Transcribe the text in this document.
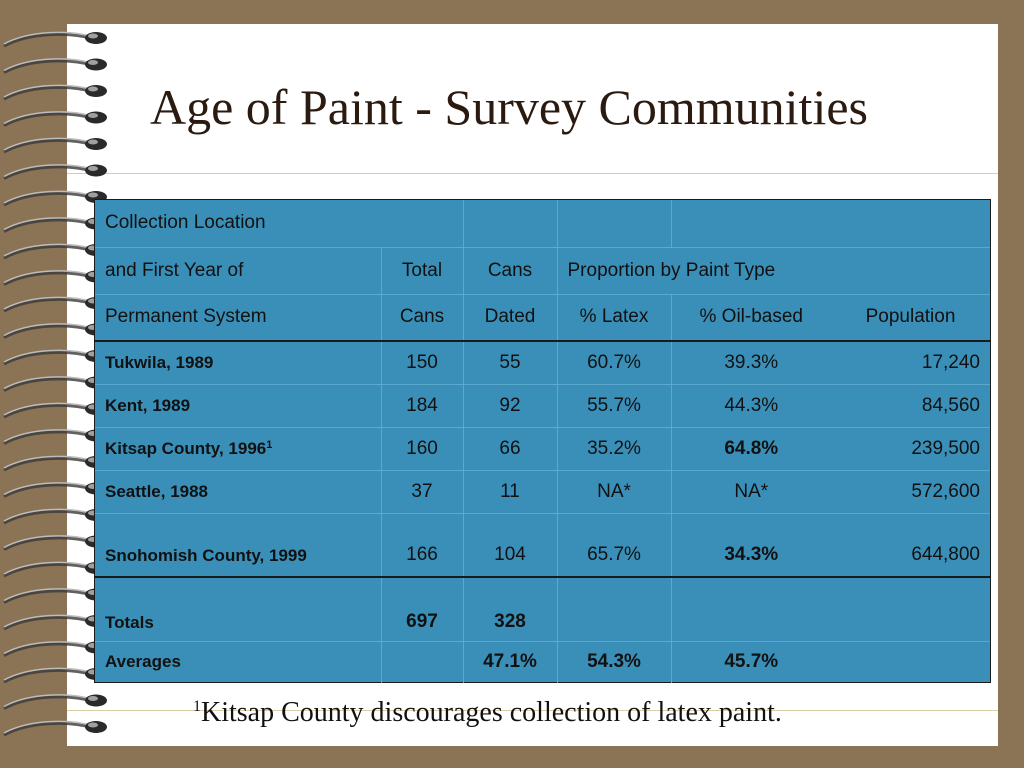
Age of Paint - Survey Communities
Collection Location					
and First Year of	Total	Cans	Proportion by Paint Type		
Permanent System	Cans	Dated	% Latex	% Oil-based	Population
Tukwila, 1989	150	55	60.7%	39.3%	17,240
Kent, 1989	184	92	55.7%	44.3%	84,560
Kitsap County, 1996$^1$	160	66	35.2%	64.8%	239,500
Seattle, 1988	37	11	NA*	NA*	572,600
Snohomish County, 1999	166	104	65.7%	34.3%	644,800
Totals	697	328			
Averages		47.1%	54.3%	45.7%	
$^1$Kitsap County discourages collection of latex paint.
